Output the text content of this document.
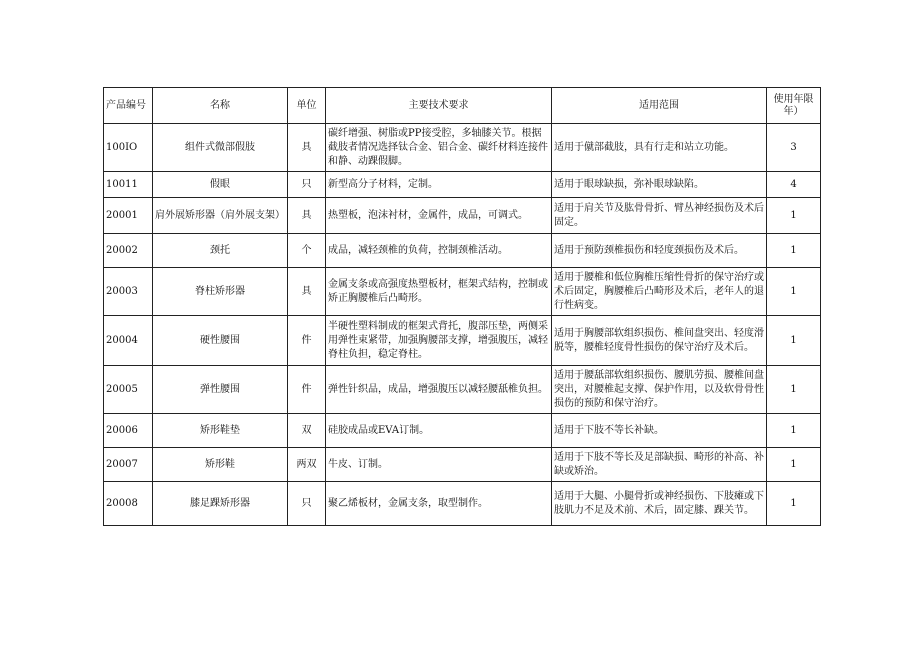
产品编号	名称	单位	主要技术要求	适用范围	使用年限年）
100IO	组件式微部假肢	具	碳纤增强、树脂或PP接受腔，多轴膝关节。根据截肢者情况选择钛合金、铝合金、碳纤材料连接件和静、动踝假脚。	适用于僦部截肢，具有行走和站立功能。	3
10011	假眼	只	新型高分子材料，定制。	适用于眼球缺损，弥补眼球缺陷。	4
20001	肩外展矫形器（肩外展支架）	具	热塑板，泡沫衬材，金属件，成品，可调式。	适用于肩关节及肱骨骨折、臂丛神经损伤及术后固定。	1
20002	颈托	个	成品，减轻颈椎的负荷，控制颈椎活动。	适用于预防颈椎损伤和轻度颈损伤及术后。	1
20003	脊柱矫形器	具	金属支条或高强度热塑板材，框架式结构，控制或矫正胸腰椎后凸畸形。	适用于腰椎和低位胸椎压缩性骨折的保守治疗或术后固定，胸腰椎后凸畸形及术后，老年人的退行性病变。	1
20004	硬性腰围	件	半硬性塑料制成的框架式背托，腹部压垫，两侧采用弹性束紧带，加强胸腰部支撑，增强腹压，减轻脊柱负担，稳定脊柱。	适用于胸腰部软组织损伤、椎间盘突出、轻度滑脱等，腰椎轻度骨性损伤的保守治疗及术后。	1
20005	弹性腰围	件	弹性针织品，成品，增强腹压以减轻腰舐椎负担。	适用于腰舐部软组织损伤、腰肌劳损、腰椎间盘突出，对腰椎起支撑、保护作用，以及软骨骨性损伤的预防和保守治疗。	1
20006	矫形鞋垫	双	硅胶成品或EVA订制。	适用于下肢不等长补缺。	1
20007	矫形鞋	两双	牛皮、订制。	适用于下肢不等长及足部缺损、畸形的补高、补缺或矫治。	1
20008	膝足踝矫形器	只	聚乙烯板材，金属支条，取型制作。	适用于大腿、小腿骨折或神经损伤、下肢瘫或下肢肌力不足及术前、术后，固定膝、踝关节。	1
